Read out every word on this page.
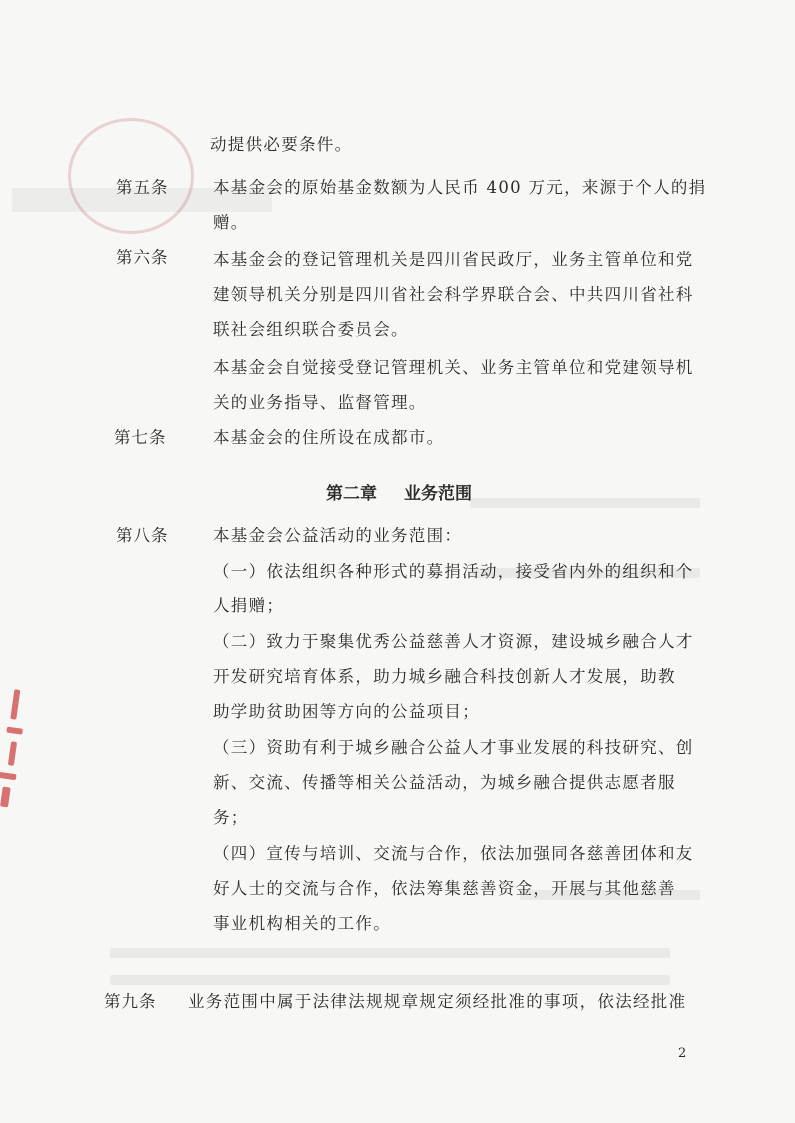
动提供必要条件。
第五条	本基金会的原始基金数额为人民币 400 万元，来源于个人的捐
赠。
第六条	本基金会的登记管理机关是四川省民政厅，业务主管单位和党
建领导机关分别是四川省社会科学界联合会、中共四川省社科
联社会组织联合委员会。
本基金会自觉接受登记管理机关、业务主管单位和党建领导机
关的业务指导、监督管理。
第七条	本基金会的住所设在成都市。
第二章 业务范围
第八条	本基金会公益活动的业务范围：
（一）依法组织各种形式的募捐活动，接受省内外的组织和个
人捐赠；
（二）致力于聚集优秀公益慈善人才资源，建设城乡融合人才
开发研究培育体系，助力城乡融合科技创新人才发展，助教
助学助贫助困等方向的公益项目；
（三）资助有利于城乡融合公益人才事业发展的科技研究、创
新、交流、传播等相关公益活动，为城乡融合提供志愿者服
务；
（四）宣传与培训、交流与合作，依法加强同各慈善团体和友
好人士的交流与合作，依法筹集慈善资金，开展与其他慈善
事业机构相关的工作。
第九条 业务范围中属于法律法规规章规定须经批准的事项，依法经批准
2
